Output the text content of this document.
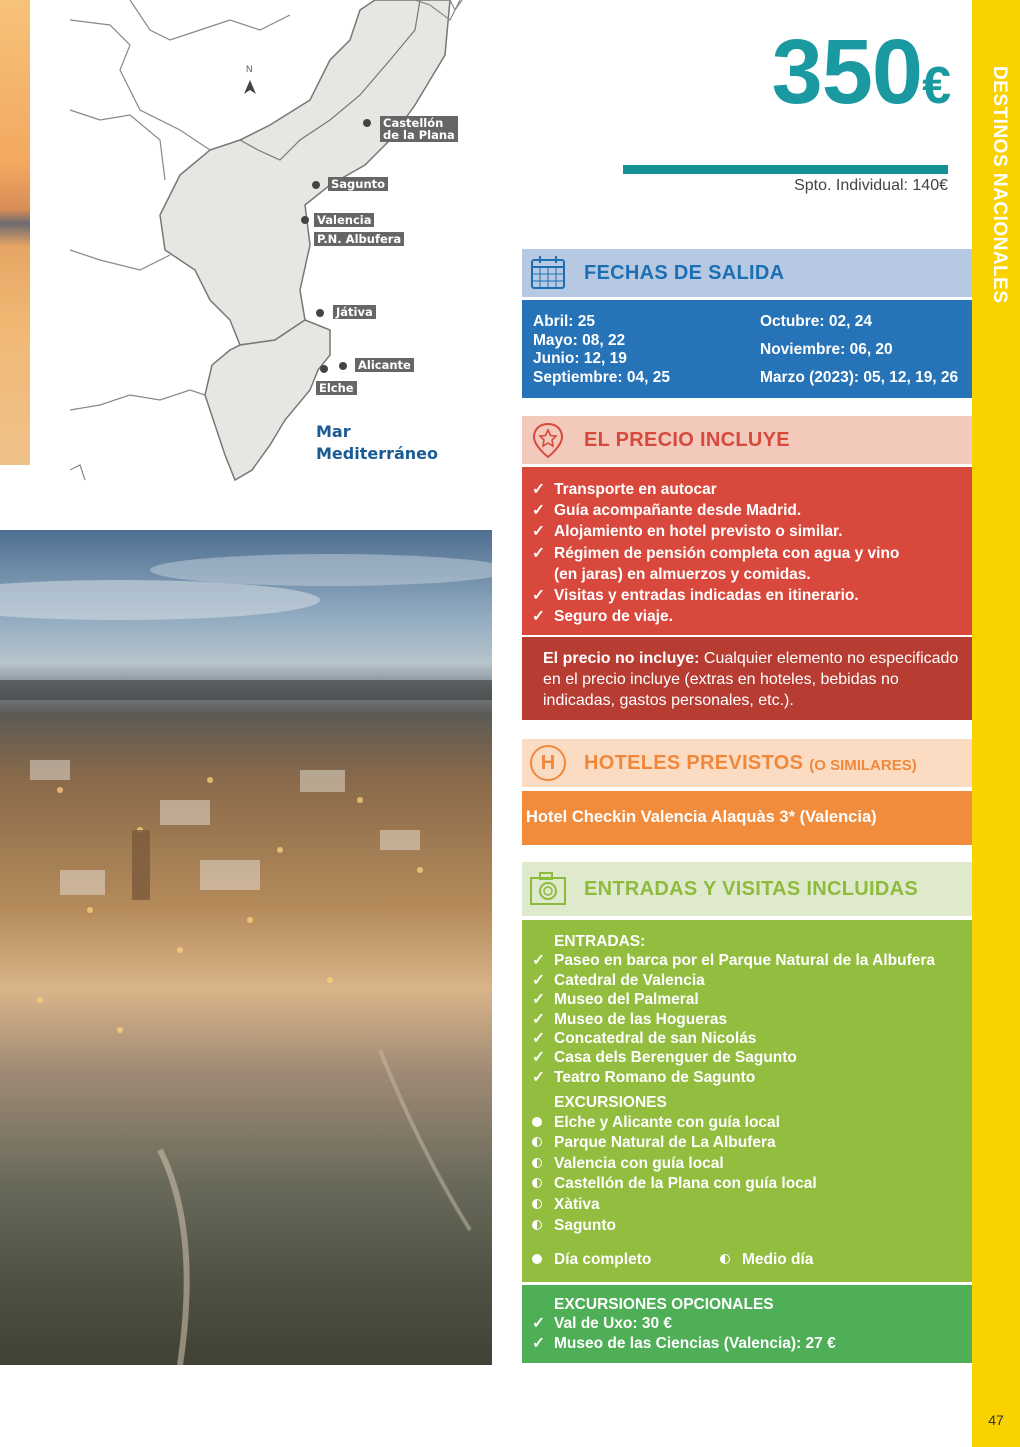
N
Castellón
de la Plana
Sagunto
Valencia
P.N. Albufera
Játiva
Alicante
Elche
Mar
Mediterráneo
350€
Spto. Individual: 140€ DESTINOS NACIONALES
47
FECHAS DE SALIDA
Abril: 25
Mayo: 08, 22
Junio: 12, 19
Septiembre: 04, 25
Octubre: 02, 24
Noviembre: 06, 20
Marzo (2023): 05, 12, 19, 26
EL PRECIO INCLUYE
✓ Transporte en autocar
✓ Guía acompañante desde Madrid.
✓ Alojamiento en hotel previsto o similar.
✓ Régimen de pensión completa con agua y vino
(en jaras) en almuerzos y comidas.
✓ Visitas y entradas indicadas en itinerario.
✓ Seguro de viaje.
El precio no incluye: Cualquier elemento no especificado en el precio incluye (extras en hoteles, bebidas no indicadas, gastos personales, etc.).
H	HOTELES PREVISTOS (O SIMILARES)
Hotel Checkin Valencia Alaquàs 3* (Valencia)
ENTRADAS Y VISITAS INCLUIDAS
ENTRADAS:
✓ Paseo en barca por el Parque Natural de la Albufera
✓ Catedral de Valencia
✓ Museo del Palmeral
✓ Museo de las Hogueras
✓ Concatedral de san Nicolás
✓ Casa dels Berenguer de Sagunto
✓ Teatro Romano de Sagunto
EXCURSIONES
Elche y Alicante con guía local
Parque Natural de La Albufera
Valencia con guía local
Castellón de la Plana con guía local
Xàtiva
Sagunto
Día completo	Medio día
EXCURSIONES OPCIONALES
✓ Val de Uxo: 30 €
✓ Museo de las Ciencias (Valencia): 27 €
